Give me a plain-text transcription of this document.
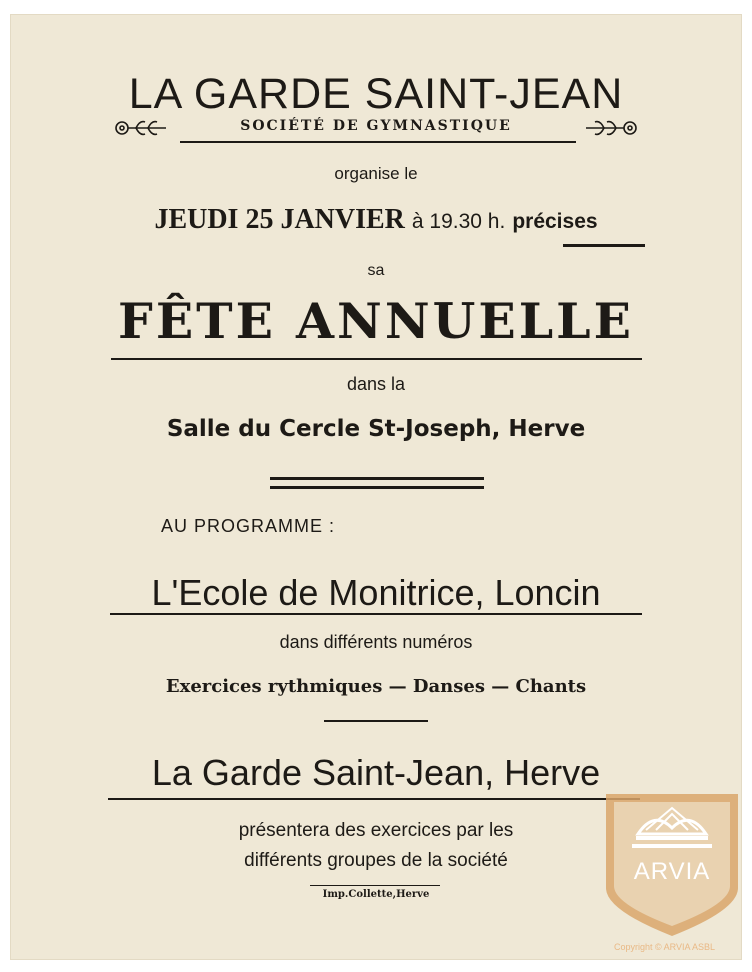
LA GARDE SAINT-JEAN
SOCIÉTÉ DE GYMNASTIQUE
organise le
JEUDI 25 JANVIER à 19.30 h. précises
sa
FÊTE ANNUELLE
dans la
Salle du Cercle St-Joseph, Herve
AU PROGRAMME :
L'Ecole de Monitrice, Loncin
dans différents numéros
Exercices rythmiques — Danses — Chants
La Garde Saint-Jean, Herve
présentera des exercices par les
différents groupes de la société
Imp.Collette,Herve
ARVIA
Copyright © ARVIA ASBL
